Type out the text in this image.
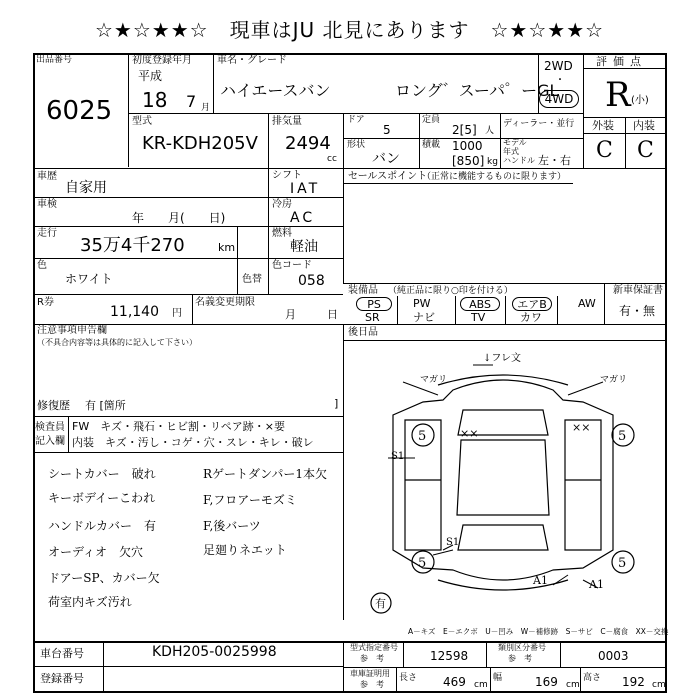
☆★☆★★☆　現車はJU 北見にあります　☆★☆★★☆
出品番号
6025
初度登録年月
平成
18 7 月
車名・グレード
ハイエースバン	ロング゛スーパ゜ーGL
2WD
・
4WD
評価点
R (小)
外装 内装
C C
型式
KR-KDH205V
排気量
2494
cc
ドア
5
形状
バン
定員
2[5] 人
積載 1000
[850] kg
ディーラー・並行
モデル
年式
ハンドル 左・右
車歴
自家用
車検
年　　月(　　日)
走行
35万4千270	km
シフト
IAT
冷房
AC
燃料
軽油
セールスポイント
（正常に機能するものに限ります）
色
ホワイト	色替
色コード
058
R券
11,140 円
名義変更期限
月	日
装備品 （純正品に限り○印を付ける）
PS	PW	ABS	エアB	AW
SR	ナビ	TV	カワ
新車保証書
有・無
注意事項申告欄
（不具合内容等は具体的に記入して下さい）
後日品
修復歴 有 [箇所	]
検査員
記入欄
FW　キズ・飛石・ヒビ割・リペア跡・×要
内装　キズ・汚し・コゲ・穴・スレ・キレ・破レ
シートカバー　破れ
キーボデイーこわれ
ハンドルカバー　有
オーディオ　欠穴
ドアーSP、カバー欠
荷室内キズ汚れ
Rゲートダンパー1本欠
F,フロアーモズミ
F,後バーツ
足廻りネエット
5	5
5	5
↓フレ文
マガリ	マガリ
××	××
S1
S1
A1	A1
有
A－キズ　E－エクボ　U－凹み　W－補修跡　S－サビ　C－腐食　XX－交換
車台番号	KDH205-0025998
登録番号
型式指定番号
参　考	12598
類別区分番号
参　考	0003
車庫証明用
参　考
長さ 469 cm
幅	169 cm
高さ 192 cm
